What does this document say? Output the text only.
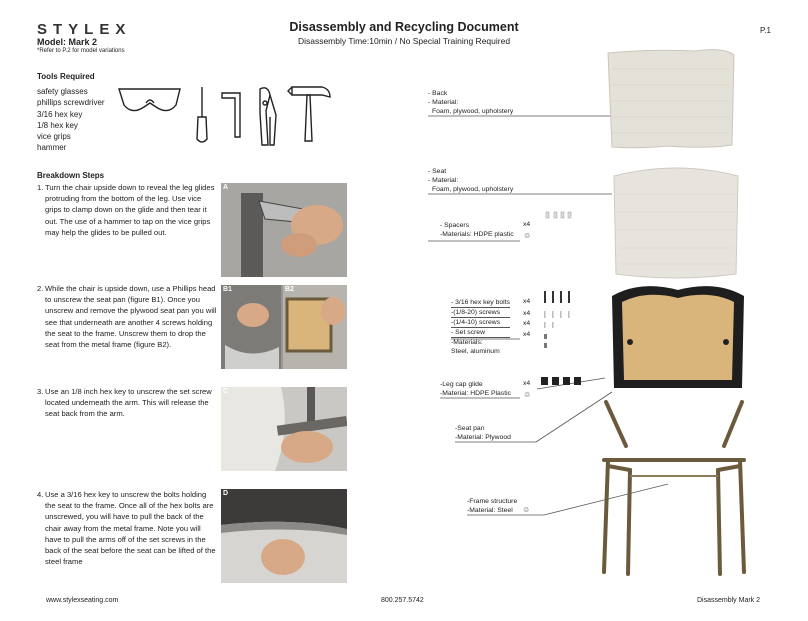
STYLEX
Model: Mark 2
*Refer to P.2 for model variations
Disassembly and Recycling Document
Disassembly Time:10min / No Special Training Required
P.1
Tools Required
safety glasses
phillips screwdriver
3/16 hex key
1/8 hex key
vice grips
hammer
Breakdown Steps
1. Turn the chair upside down to reveal the leg glides protruding from the bottom of the leg. Use vice grips to clamp down on the glide and then tear it out. The use of a hammer to tap on the vice grips may help the glides to be pulled out.
2. While the chair is upside down, use a Phillips head to unscrew the seat pan (figure B1). Once you unscrew and remove the plywood seat pan you will see that underneath are another 4 screws holding the seat to the frame. Unscrew them to drop the seat from the metal frame (figure B2).
3. Use an 1/8 inch hex key to unscrew the set screw located underneath the arm. This will release the seat back from the arm.
4. Use a 3/16 hex key to unscrew the bolts holding the seat to the frame. Once all of the hex bolts are unscrewed, you will have to pull the back of the chair away from the metal frame. Note you will have to pull the arms off of the set screws in the back of the seat before the seat can be lifted of the steel frame
A
B1	B2
C
D
- Back
- Material:
Foam, plywood, upholstery
- Seat
- Material:
Foam, plywood, upholstery
- Spacers
-Materials: HDPE plastic
x4
♲
- 3/16 hex key bolts
-(1/8-20) screws
-(1/4-10) screws
- Set screw
-Materials:
Steel, aluminum
x4
x4
x4
x4
-Leg cap glide
-Material: HDPE Plastic
x4
♲
-Seat pan
-Material: Plywood
-Frame structure
-Material: Steel	♲
www.stylexseating.com	800.257.5742	Disassembly Mark 2
